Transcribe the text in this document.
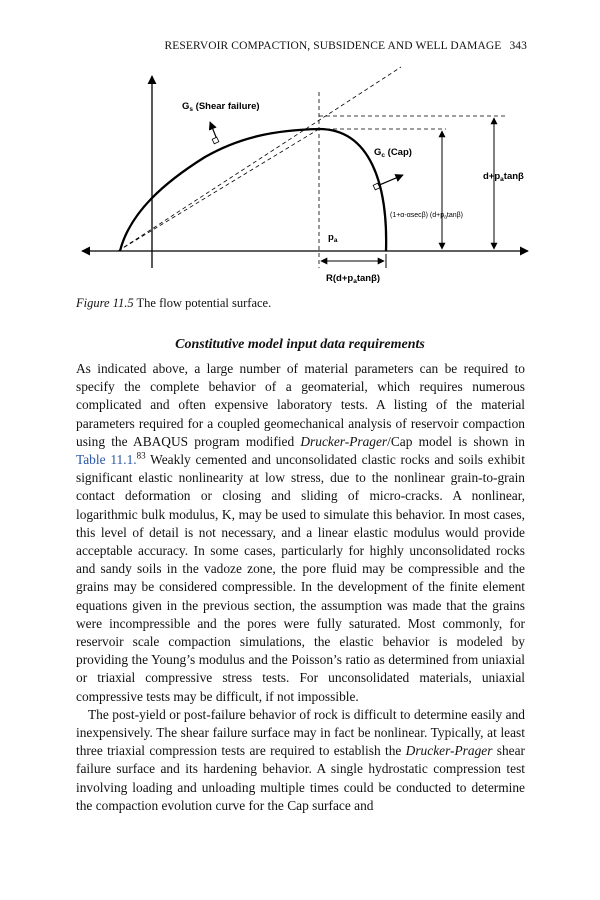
RESERVOIR COMPACTION, SUBSIDENCE AND WELL DAMAGE 343
$G_s$ (Shear failure)
$G_c$ (Cap)
$d+p_a\tan\beta$
(1+α-αsecβ) $(d+p_a\tan\beta)$
$p_a$
$R(d+p_a\tan\beta)$
Figure 11.5 The flow potential surface.
Constitutive model input data requirements

As indicated above, a large number of material parameters can be required to specify the complete behavior of a geomaterial, which requires numerous complicated and often expensive laboratory tests. A listing of the material parameters required for a coupled geomechanical analysis of reservoir compaction using the ABAQUS program modified Drucker-Prager/Cap model is shown in Table 11.1.83 Weakly cemented and unconsolidated clastic rocks and soils exhibit significant elastic nonlinearity at low stress, due to the nonlinear grain-to-grain contact deformation or closing and sliding of micro-cracks. A nonlinear, logarithmic bulk modulus, K, may be used to simulate this behavior. In most cases, this level of detail is not necessary, and a linear elastic modulus would provide acceptable accuracy. In some cases, particularly for highly unconsolidated rocks and sandy soils in the vadoze zone, the pore fluid may be compressible and the grains may be considered compressible. In the development of the finite element equations given in the previous section, the assumption was made that the grains were incompressible and the pores were fully saturated. Most commonly, for reservoir scale compaction simulations, the elastic behavior is modeled by providing the Young’s modulus and the Poisson’s ratio as determined from uniaxial or triaxial compressive stress tests. For unconsolidated materials, uniaxial compressive tests may be difficult, if not impossible.

The post-yield or post-failure behavior of rock is difficult to determine easily and inexpensively. The shear failure surface may in fact be nonlinear. Typically, at least three triaxial compression tests are required to establish the Drucker-Prager shear failure surface and its hardening behavior. A single hydrostatic compression test involving loading and unloading multiple times could be conducted to determine the compaction evolution curve for the Cap surface and
